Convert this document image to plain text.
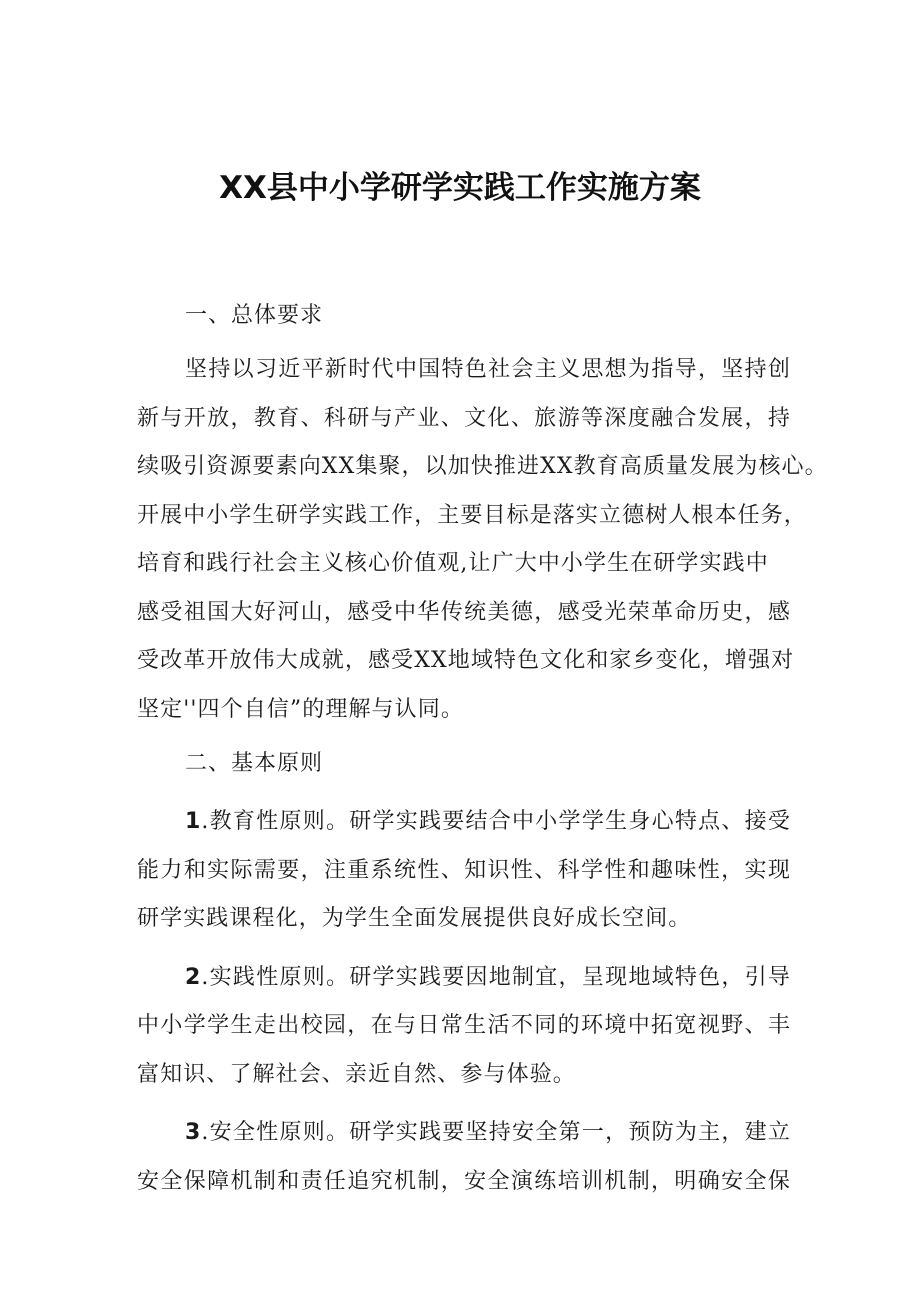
XX县中小学研学实践工作实施方案

一、总体要求

坚持以习近平新时代中国特色社会主义思想为指导，坚持创
新与开放，教育、科研与产业、文化、旅游等深度融合发展，持
续吸引资源要素向XX集聚，以加快推进XX教育高质量发展为核心。
开展中小学生研学实践工作，主要目标是落实立德树人根本任务，
培育和践行社会主义核心价值观,让广大中小学生在研学实践中
感受祖国大好河山，感受中华传统美德，感受光荣革命历史，感
受改革开放伟大成就，感受XX地域特色文化和家乡变化，增强对
坚定''四个自信”的理解与认同。

二、基本原则

1.教育性原则。研学实践要结合中小学学生身心特点、接受
能力和实际需要，注重系统性、知识性、科学性和趣味性，实现
研学实践课程化，为学生全面发展提供良好成长空间。
2.实践性原则。研学实践要因地制宜，呈现地域特色，引导
中小学学生走出校园，在与日常生活不同的环境中拓宽视野、丰
富知识、了解社会、亲近自然、参与体验。
3.安全性原则。研学实践要坚持安全第一，预防为主，建立
安全保障机制和责任追究机制，安全演练培训机制，明确安全保
